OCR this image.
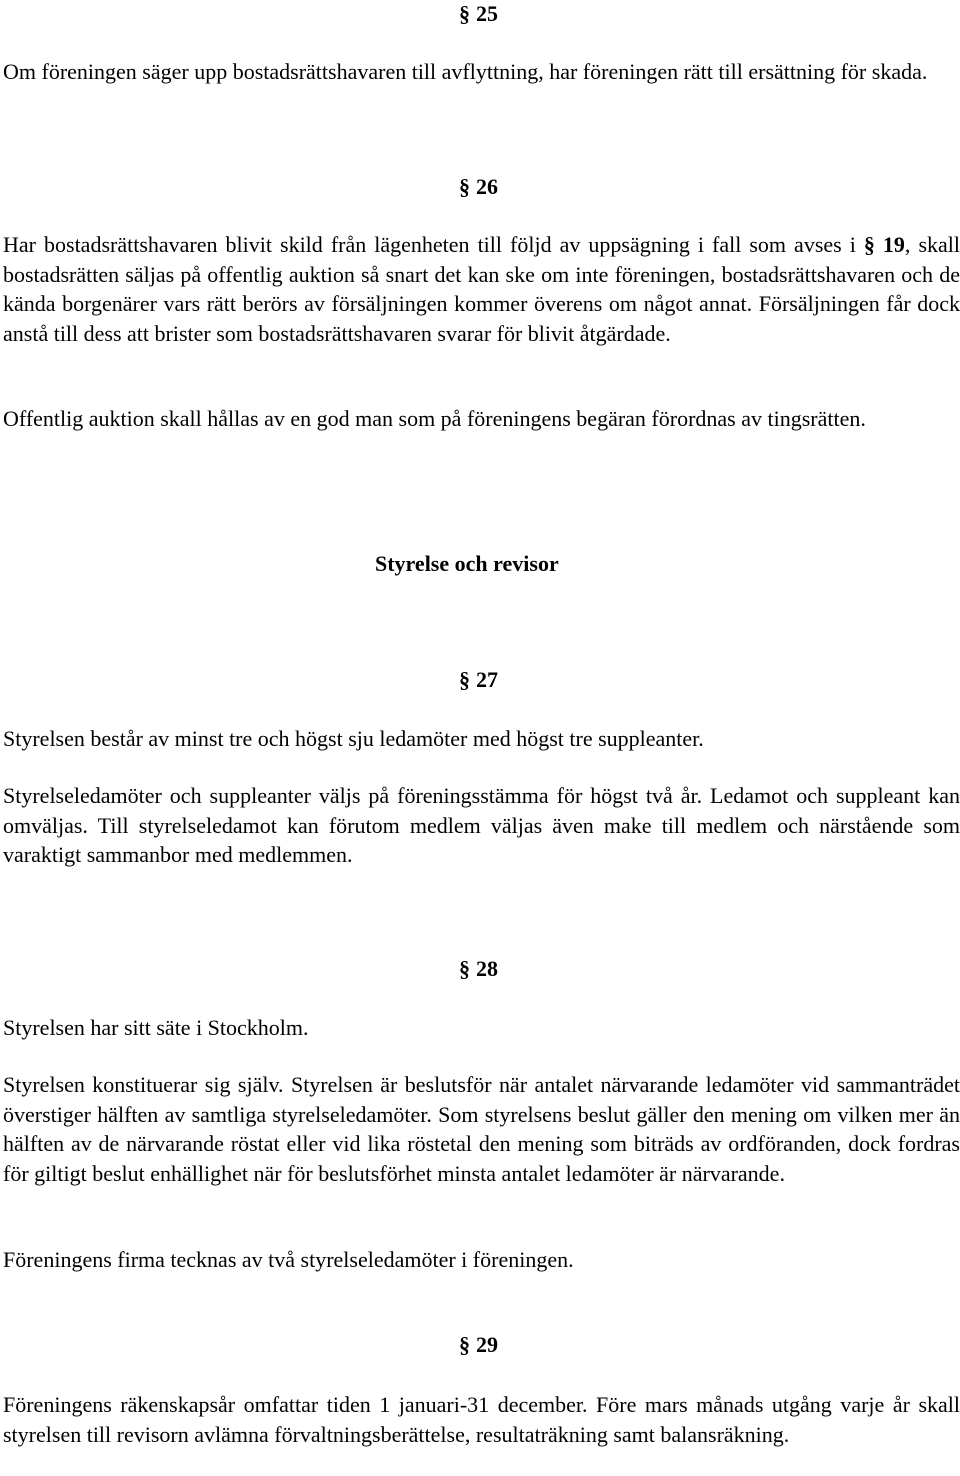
§ 25

Om föreningen säger upp bostadsrättshavaren till avflyttning, har föreningen rätt till ersättning för skada.

§ 26

Har bostadsrättshavaren blivit skild från lägenheten till följd av uppsägning i fall som avses i § 19, skall bostadsrätten säljas på offentlig auktion så snart det kan ske om inte föreningen, bostadsrättshavaren och de kända borgenärer vars rätt berörs av försäljningen kommer överens om något annat. Försäljningen får dock anstå till dess att brister som bostadsrättshavaren svarar för blivit åtgärdade.

Offentlig auktion skall hållas av en god man som på föreningens begäran förordnas av tingsrätten.

Styrelse och revisor
§ 27

Styrelsen består av minst tre och högst sju ledamöter med högst tre suppleanter.

Styrelseledamöter och suppleanter väljs på föreningsstämma för högst två år. Ledamot och suppleant kan omväljas. Till styrelseledamot kan förutom medlem väljas även make till medlem och närstående som varaktigt sammanbor med medlemmen.

§ 28

Styrelsen har sitt säte i Stockholm.

Styrelsen konstituerar sig själv. Styrelsen är beslutsför när antalet närvarande ledamöter vid sammanträdet överstiger hälften av samtliga styrelseledamöter. Som styrelsens beslut gäller den mening om vilken mer än hälften av de närvarande röstat eller vid lika röstetal den mening som biträds av ordföranden, dock fordras för giltigt beslut enhällighet när för beslutsförhet minsta antalet ledamöter är närvarande.

Föreningens firma tecknas av två styrelseledamöter i föreningen.

§ 29

Föreningens räkenskapsår omfattar tiden 1 januari-31 december. Före mars månads utgång varje år skall styrelsen till revisorn avlämna förvaltningsberättelse, resultaträkning samt balansräkning.
